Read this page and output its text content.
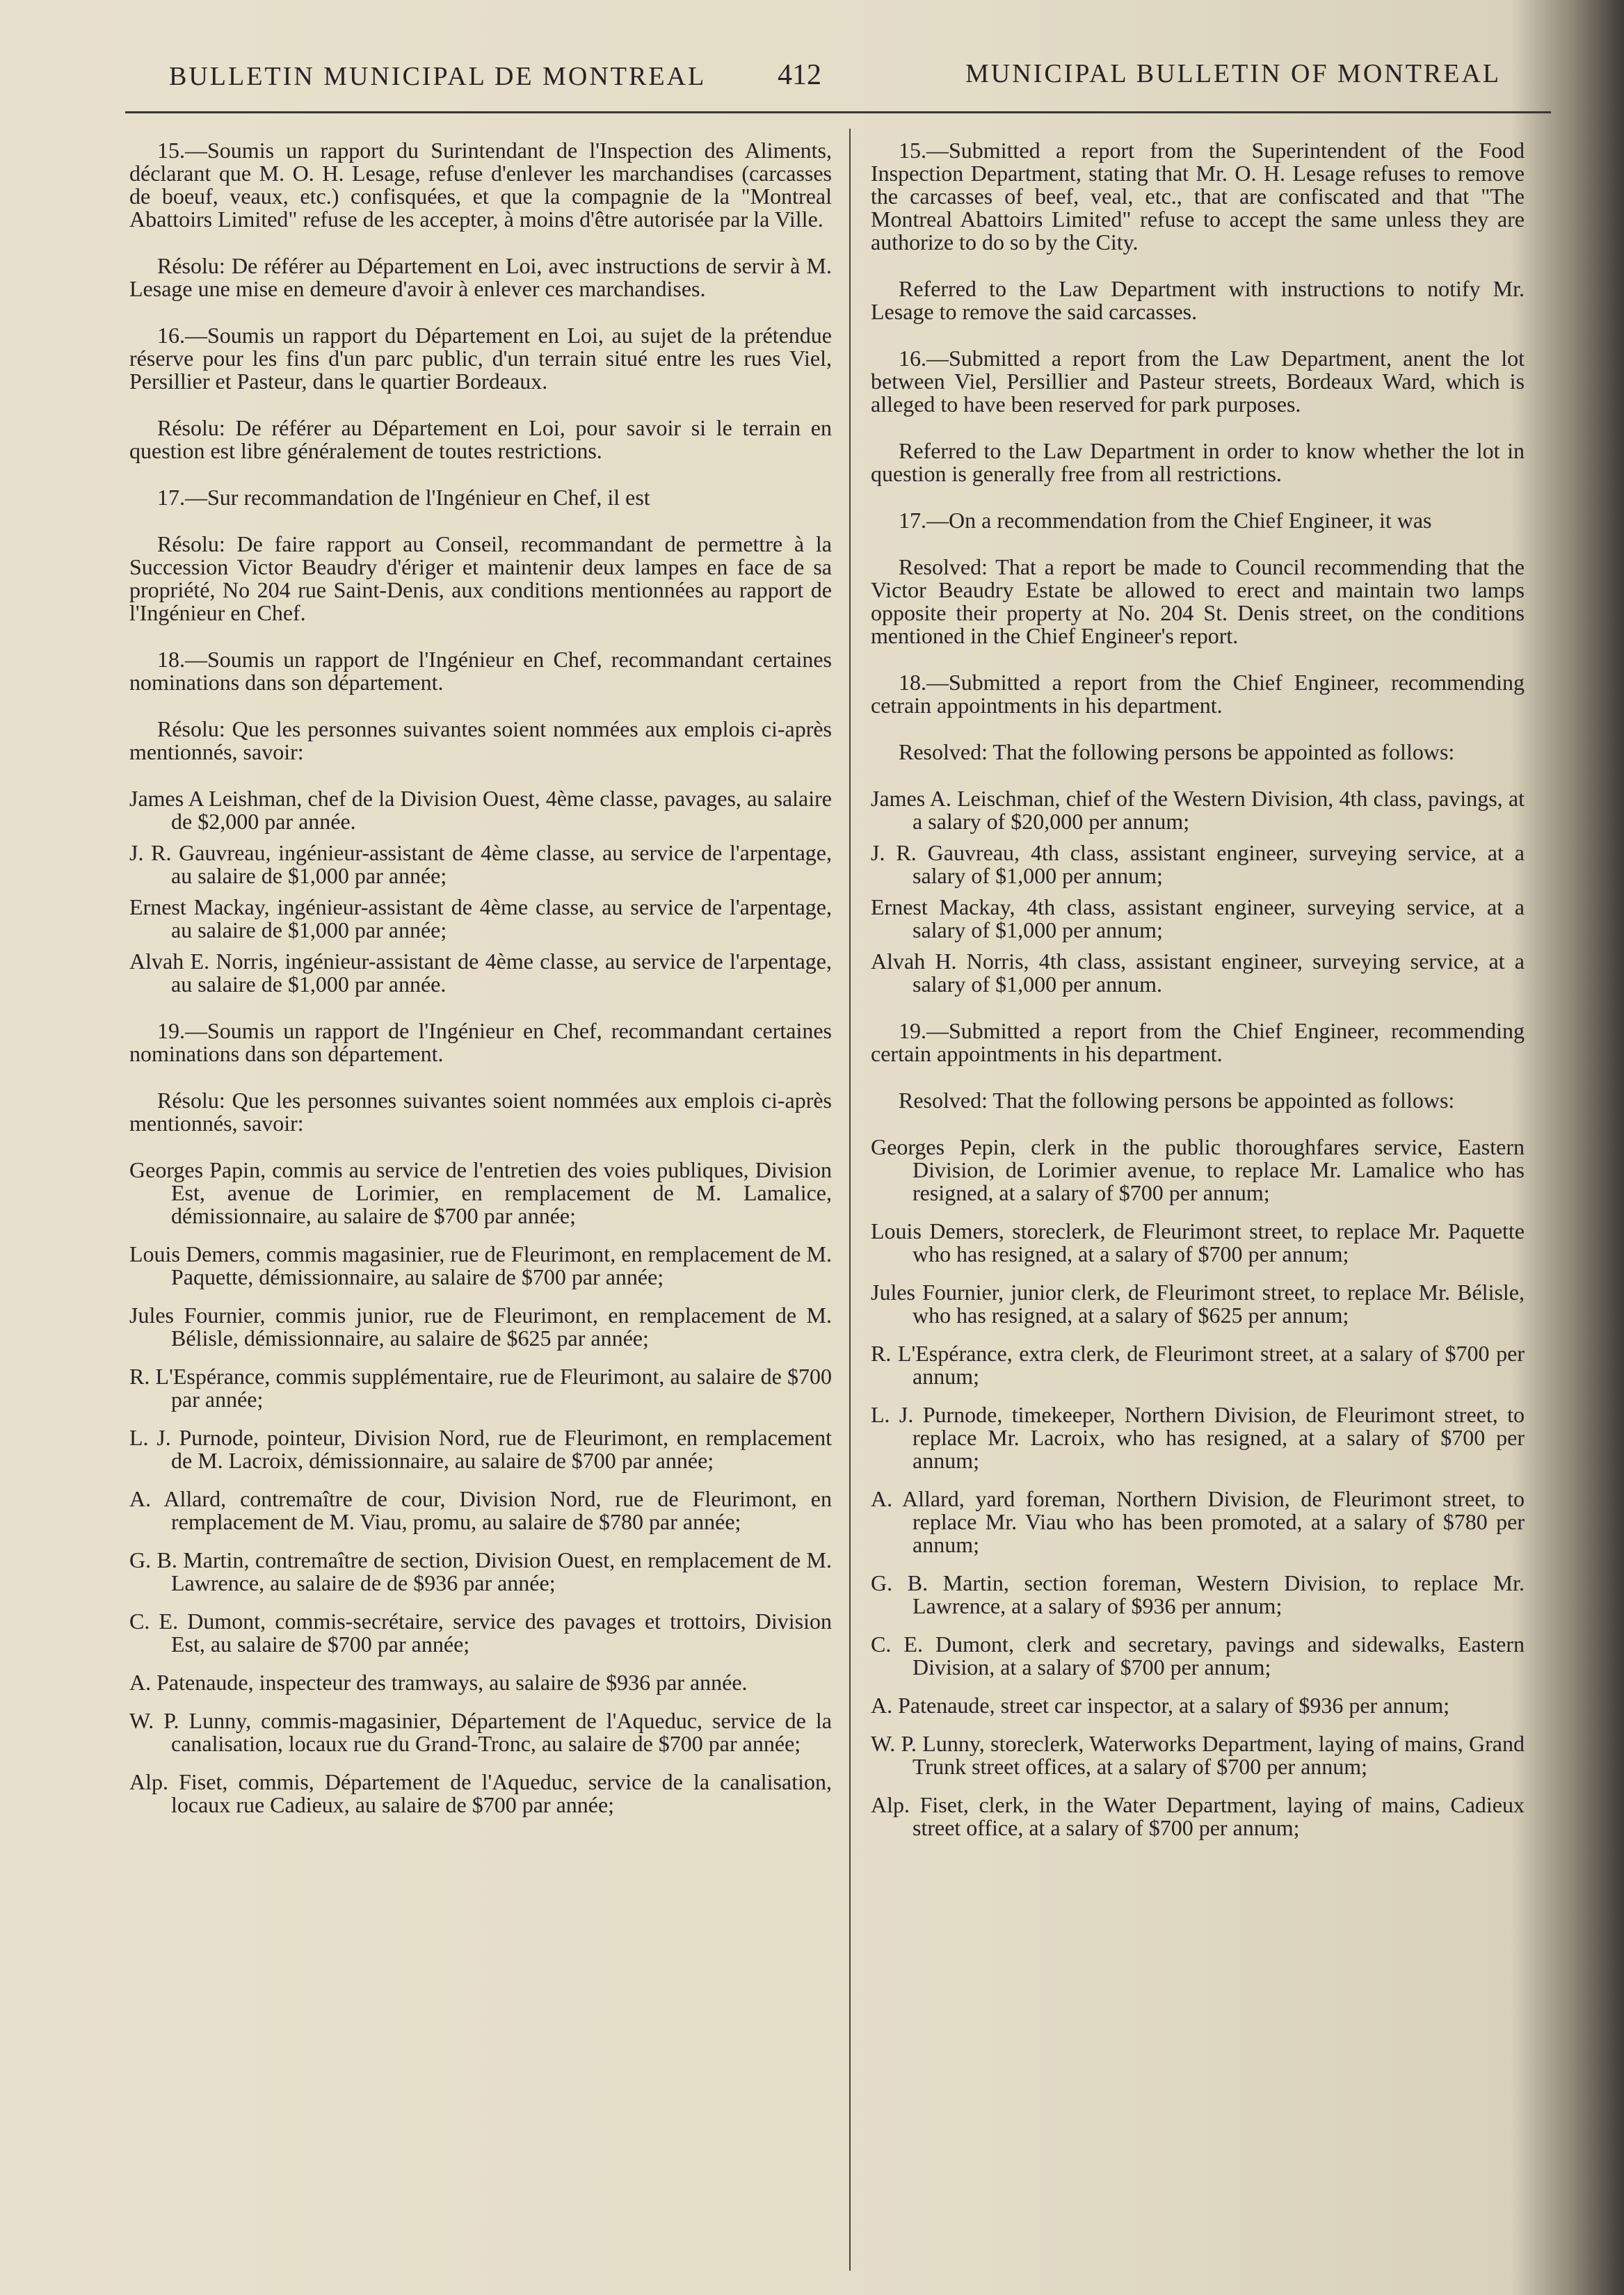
BULLETIN MUNICIPAL DE MONTREAL 412	MUNICIPAL BULLETIN OF MONTREAL

15.—Soumis un rapport du Surintendant de l'Inspection des Aliments, déclarant que M. O. H. Lesage, refuse d'enlever les marchandises (carcasses de boeuf, veaux, etc.) confisquées, et que la compagnie de la "Montreal Abattoirs Limited" refuse de les accepter, à moins d'être autorisée par la Ville.

Résolu: De référer au Département en Loi, avec instructions de servir à M. Lesage une mise en demeure d'avoir à enlever ces marchandises.

16.—Soumis un rapport du Département en Loi, au sujet de la prétendue réserve pour les fins d'un parc public, d'un terrain situé entre les rues Viel, Persillier et Pasteur, dans le quartier Bordeaux.

Résolu: De référer au Département en Loi, pour savoir si le terrain en question est libre généralement de toutes restrictions.

17.—Sur recommandation de l'Ingénieur en Chef, il est

Résolu: De faire rapport au Conseil, recommandant de permettre à la Succession Victor Beaudry d'ériger et maintenir deux lampes en face de sa propriété, No 204 rue Saint-Denis, aux conditions mentionnées au rapport de l'Ingénieur en Chef.

18.—Soumis un rapport de l'Ingénieur en Chef, recommandant certaines nominations dans son département.

Résolu: Que les personnes suivantes soient nommées aux emplois ci-après mentionnés, savoir:

James A Leishman, chef de la Division Ouest, 4ème classe, pavages, au salaire de $2,000 par année.
J. R. Gauvreau, ingénieur-assistant de 4ème classe, au service de l'arpentage, au salaire de $1,000 par année;
Ernest Mackay, ingénieur-assistant de 4ème classe, au service de l'arpentage, au salaire de $1,000 par année;
Alvah E. Norris, ingénieur-assistant de 4ème classe, au service de l'arpentage, au salaire de $1,000 par année.

19.—Soumis un rapport de l'Ingénieur en Chef, recommandant certaines nominations dans son département.

Résolu: Que les personnes suivantes soient nommées aux emplois ci-après mentionnés, savoir:

Georges Papin, commis au service de l'entretien des voies publiques, Division Est, avenue de Lorimier, en remplacement de M. Lamalice, démissionnaire, au salaire de $700 par année;
Louis Demers, commis magasinier, rue de Fleurimont, en remplacement de M. Paquette, démissionnaire, au salaire de $700 par année;
Jules Fournier, commis junior, rue de Fleurimont, en remplacement de M. Bélisle, démissionnaire, au salaire de $625 par année;
R. L'Espérance, commis supplémentaire, rue de Fleurimont, au salaire de $700 par année;
L. J. Purnode, pointeur, Division Nord, rue de Fleurimont, en remplacement de M. Lacroix, démissionnaire, au salaire de $700 par année;
A. Allard, contremaître de cour, Division Nord, rue de Fleurimont, en remplacement de M. Viau, promu, au salaire de $780 par année;
G. B. Martin, contremaître de section, Division Ouest, en remplacement de M. Lawrence, au salaire de de $936 par année;
C. E. Dumont, commis-secrétaire, service des pavages et trottoirs, Division Est, au salaire de $700 par année;
A. Patenaude, inspecteur des tramways, au salaire de $936 par année.
W. P. Lunny, commis-magasinier, Département de l'Aqueduc, service de la canalisation, locaux rue du Grand-Tronc, au salaire de $700 par année;
Alp. Fiset, commis, Département de l'Aqueduc, service de la canalisation, locaux rue Cadieux, au salaire de $700 par année;

15.—Submitted a report from the Superintendent of the Food Inspection Department, stating that Mr. O. H. Lesage refuses to remove the carcasses of beef, veal, etc., that are confiscated and that "The Montreal Abattoirs Limited" refuse to accept the same unless they are authorize to do so by the City.

Referred to the Law Department with instructions to notify Mr. Lesage to remove the said carcasses.

16.—Submitted a report from the Law Department, anent the lot between Viel, Persillier and Pasteur streets, Bordeaux Ward, which is alleged to have been reserved for park purposes.

Referred to the Law Department in order to know whether the lot in question is generally free from all restrictions.

17.—On a recommendation from the Chief Engineer, it was

Resolved: That a report be made to Council recommending that the Victor Beaudry Estate be allowed to erect and maintain two lamps opposite their property at No. 204 St. Denis street, on the conditions mentioned in the Chief Engineer's report.

18.—Submitted a report from the Chief Engineer, recommending cetrain appointments in his department.

Resolved: That the following persons be appointed as follows:

James A. Leischman, chief of the Western Division, 4th class, pavings, at a salary of $20,000 per annum;
J. R. Gauvreau, 4th class, assistant engineer, surveying service, at a salary of $1,000 per annum;
Ernest Mackay, 4th class, assistant engineer, surveying service, at a salary of $1,000 per annum;
Alvah H. Norris, 4th class, assistant engineer, surveying service, at a salary of $1,000 per annum.

19.—Submitted a report from the Chief Engineer, recommending certain appointments in his department.

Resolved: That the following persons be appointed as follows:

Georges Pepin, clerk in the public thoroughfares service, Eastern Division, de Lorimier avenue, to replace Mr. Lamalice who has resigned, at a salary of $700 per annum;
Louis Demers, storeclerk, de Fleurimont street, to replace Mr. Paquette who has resigned, at a salary of $700 per annum;
Jules Fournier, junior clerk, de Fleurimont street, to replace Mr. Bélisle, who has resigned, at a salary of $625 per annum;
R. L'Espérance, extra clerk, de Fleurimont street, at a salary of $700 per annum;
L. J. Purnode, timekeeper, Northern Division, de Fleurimont street, to replace Mr. Lacroix, who has resigned, at a salary of $700 per annum;
A. Allard, yard foreman, Northern Division, de Fleurimont street, to replace Mr. Viau who has been promoted, at a salary of $780 per annum;
G. B. Martin, section foreman, Western Division, to replace Mr. Lawrence, at a salary of $936 per annum;
C. E. Dumont, clerk and secretary, pavings and sidewalks, Eastern Division, at a salary of $700 per annum;
A. Patenaude, street car inspector, at a salary of $936 per annum;
W. P. Lunny, storeclerk, Waterworks Department, laying of mains, Grand Trunk street offices, at a salary of $700 per annum;
Alp. Fiset, clerk, in the Water Department, laying of mains, Cadieux street office, at a salary of $700 per annum;
